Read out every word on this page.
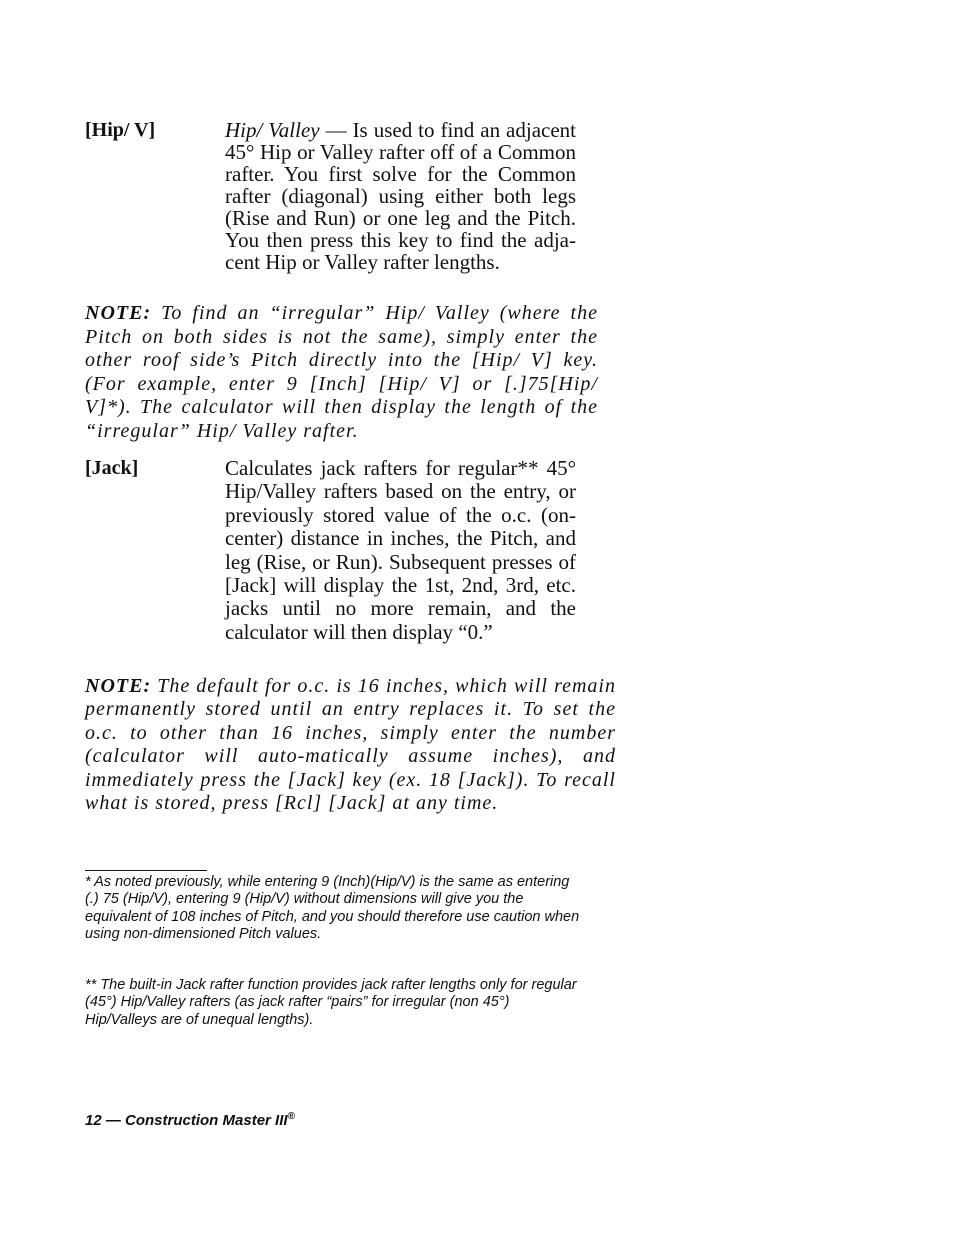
[Hip/ V]	Hip/ Valley — Is used to find an adjacent 45° Hip or Valley rafter off of a Common rafter. You first solve for the Common rafter (diagonal) using either both legs (Rise and Run) or one leg and the Pitch. You then press this key to find the adja-cent Hip or Valley rafter lengths.
NOTE: To find an “irregular” Hip/ Valley (where the Pitch on both sides is not the same), simply enter the other roof side’s Pitch directly into the [Hip/ V] key. (For example, enter 9 [Inch] [Hip/ V] or [.]75[Hip/ V]*). The calculator will then display the length of the “irregular” Hip/ Valley rafter.
[Jack]	Calculates jack rafters for regular** 45° Hip/Valley rafters based on the entry, or previously stored value of the o.c. (on-center) distance in inches, the Pitch, and leg (Rise, or Run). Subsequent presses of [Jack] will display the 1st, 2nd, 3rd, etc. jacks until no more remain, and the calculator will then display “0.”
NOTE: The default for o.c. is 16 inches, which will remain permanently stored until an entry replaces it. To set the o.c. to other than 16 inches, simply enter the number (calculator will auto-matically assume inches), and immediately press the [Jack] key (ex. 18 [Jack]). To recall what is stored, press [Rcl] [Jack] at any time.
* As noted previously, while entering 9 (Inch)(Hip/V) is the same as entering (.) 75 (Hip/V), entering 9 (Hip/V) without dimensions will give you the equivalent of 108 inches of Pitch, and you should therefore use caution when using non-dimensioned Pitch values.
** The built-in Jack rafter function provides jack rafter lengths only for regular (45°) Hip/Valley rafters (as jack rafter “pairs” for irregular (non 45°) Hip/Valleys are of unequal lengths).
12 — Construction Master III®
